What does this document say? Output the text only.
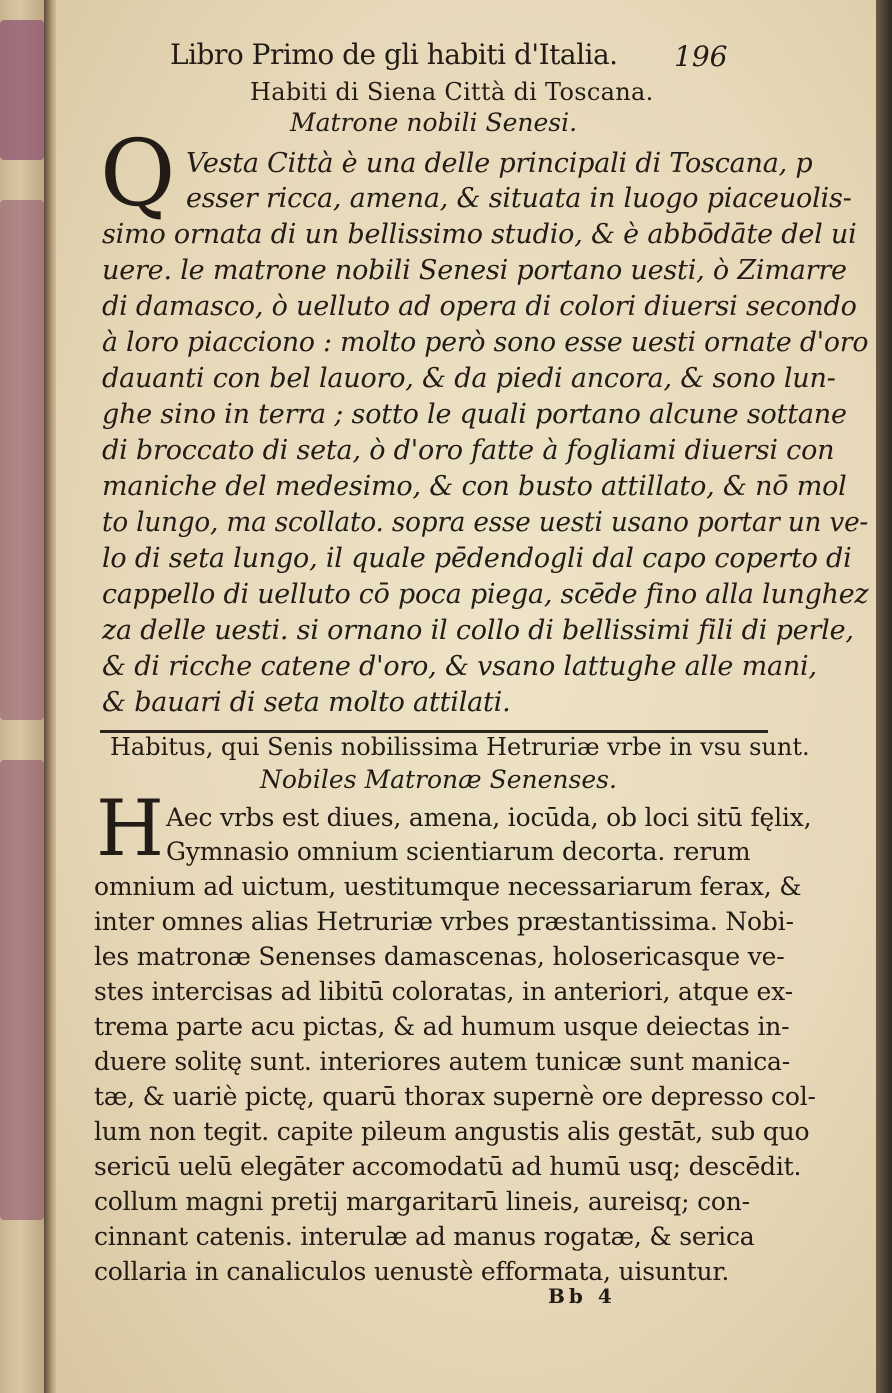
Libro Primo de gli habiti d'Italia. 196
Habiti di Siena Città di Toscana.
Matrone nobili Senesi.
Q Vesta Città è una delle principali di Toscana, p
esser ricca, amena, & situata in luogo piaceuolis-
simo ornata di un bellissimo studio, & è abbōdāte del ui
uere. le matrone nobili Senesi portano uesti, ò Zimarre
di damasco, ò uelluto ad opera di colori diuersi secondo
à loro piacciono : molto però sono esse uesti ornate d'oro
dauanti con bel lauoro, & da piedi ancora, & sono lun-
ghe sino in terra ; sotto le quali portano alcune sottane
di broccato di seta, ò d'oro fatte à fogliami diuersi con
maniche del medesimo, & con busto attillato, & nō mol
to lungo, ma scollato. sopra esse uesti usano portar un ve-
lo di seta lungo, il quale pēdendogli dal capo coperto di
cappello di uelluto cō poca piega, scēde fino alla lunghez
za delle uesti. si ornano il collo di bellissimi fili di perle,
& di ricche catene d'oro, & vsano lattughe alle mani,
& bauari di seta molto attilati.
Habitus, qui Senis nobilissima Hetruriæ vrbe in vsu sunt.
Nobiles Matronæ Senenses.
H Aec vrbs est diues, amena, iocūda, ob loci sitū fęlix,
Gymnasio omnium scientiarum decorta. rerum
omnium ad uictum, uestitumque necessariarum ferax, &
inter omnes alias Hetruriæ vrbes præstantissima. Nobi-
les matronæ Senenses damascenas, holosericasque ve-
stes intercisas ad libitū coloratas, in anteriori, atque ex-
trema parte acu pictas, & ad humum usque deiectas in-
duere solitę sunt. interiores autem tunicæ sunt manica-
tæ, & uariè pictę, quarū thorax supernè ore depresso col-
lum non tegit. capite pileum angustis alis gestāt, sub quo
sericū uelū elegāter accomodatū ad humū usq; descēdit.
collum magni pretij margaritarū lineis, aureisq; con-
cinnant catenis. interulæ ad manus rogatæ, & serica
collaria in canaliculos uenustè efformata, uisuntur.
Bb 4
